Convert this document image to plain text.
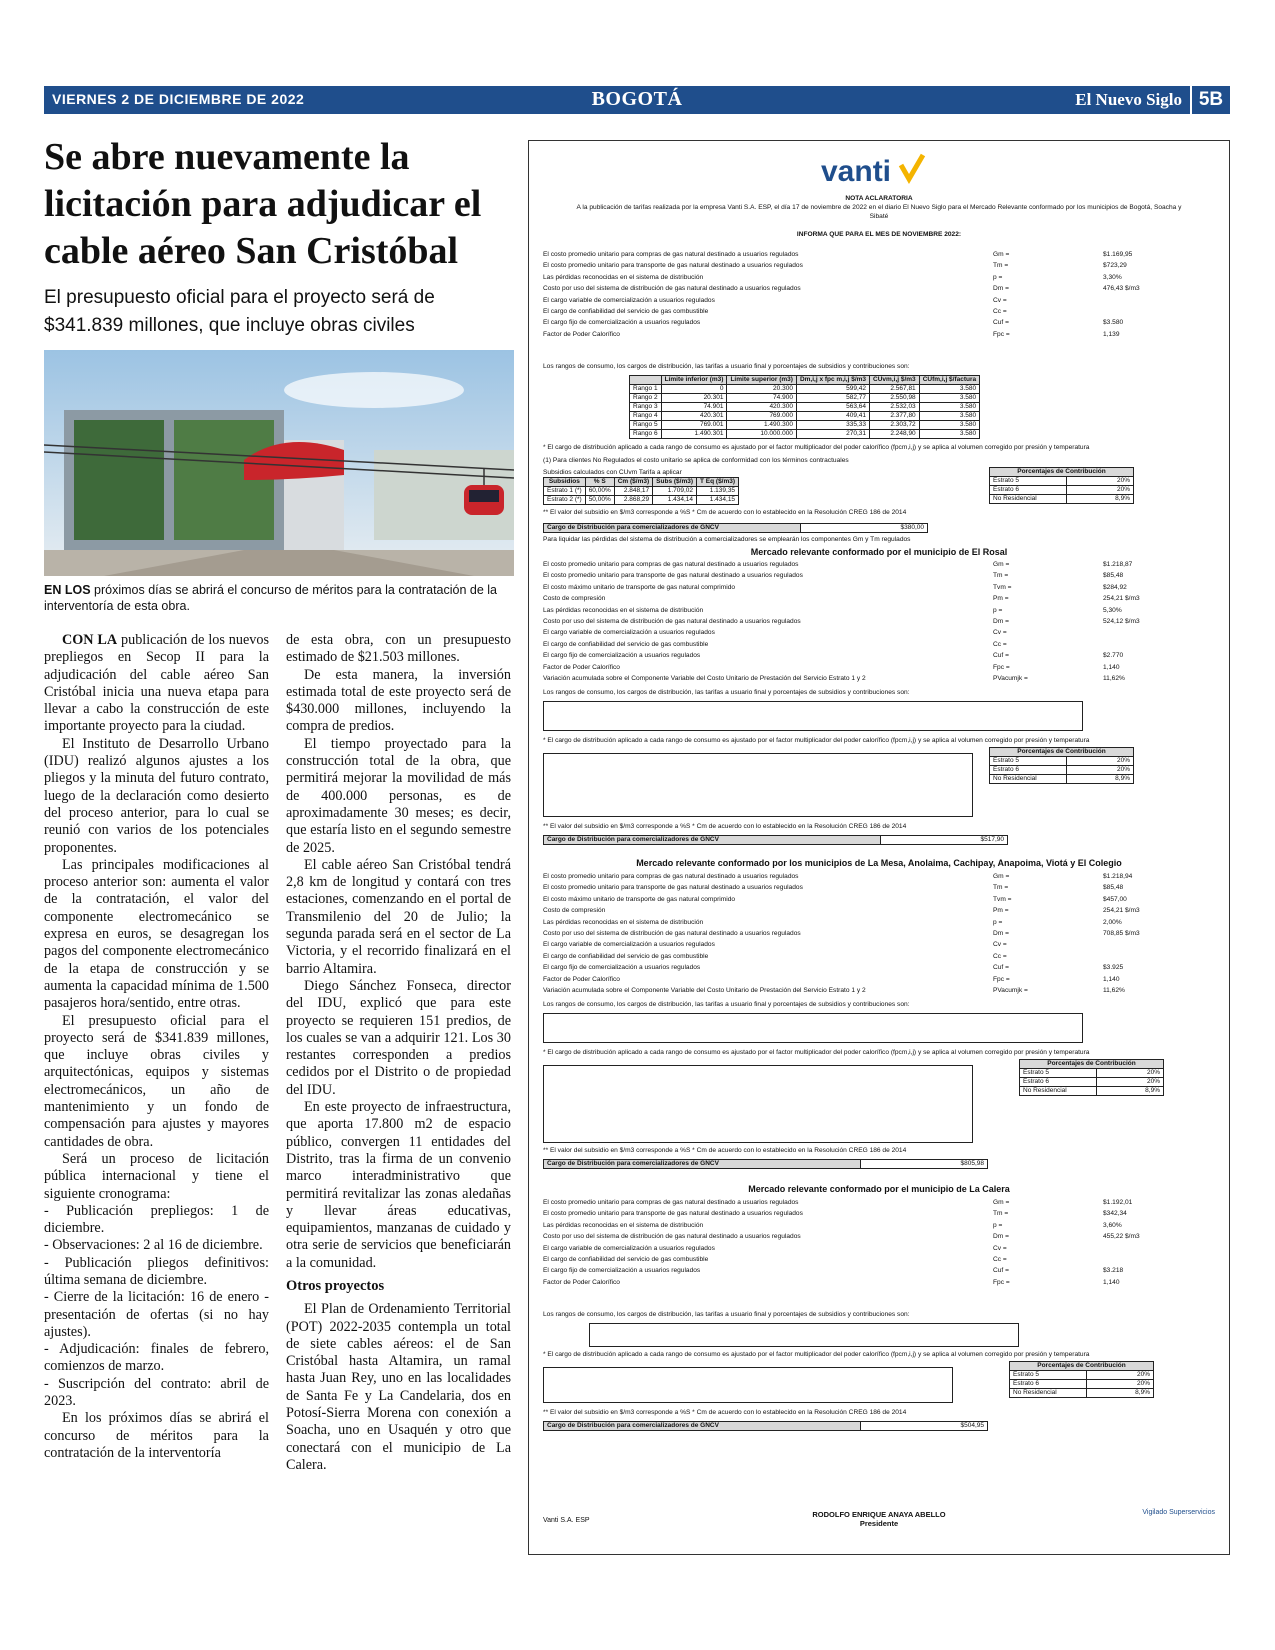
VIERNES 2 DE DICIEMBRE DE 2022	BOGOTÁ	El Nuevo Siglo 5B
Se abre nuevamente la licitación para adjudicar el cable aéreo San Cristóbal
El presupuesto oficial para el proyecto será de $341.839 millones, que incluye obras civiles
EN LOS próximos días se abrirá el concurso de méritos para la contratación de la interventoría de esta obra.

CON LA publicación de los nuevos prepliegos en Secop II para la adjudicación del cable aéreo San Cristóbal inicia una nueva etapa para llevar a cabo la construcción de este importante proyecto para la ciudad.

El Instituto de Desarrollo Urbano (IDU) realizó algunos ajustes a los pliegos y la minuta del futuro contrato, luego de la declaración como desierto del proceso anterior, para lo cual se reunió con varios de los potenciales proponentes.

Las principales modificaciones al proceso anterior son: aumenta el valor de la contratación, el valor del componente electromecánico se expresa en euros, se desagregan los pagos del componente electromecánico de la etapa de construcción y se aumenta la capacidad mínima de 1.500 pasajeros hora/sentido, entre otras.

El presupuesto oficial para el proyecto será de $341.839 millones, que incluye obras civiles y arquitectónicas, equipos y sistemas electromecánicos, un año de mantenimiento y un fondo de compensación para ajustes y mayores cantidades de obra.

Será un proceso de licitación pública internacional y tiene el siguiente cronograma:

- Publicación prepliegos: 1 de diciembre.

- Observaciones: 2 al 16 de diciembre.

- Publicación pliegos definitivos: última semana de diciembre.

- Cierre de la licitación: 16 de enero - presentación de ofertas (si no hay ajustes).

- Adjudicación: finales de febrero, comienzos de marzo.

- Suscripción del contrato: abril de 2023.

En los próximos días se abrirá el concurso de méritos para la contratación de la interventoría

de esta obra, con un presupuesto estimado de $21.503 millones.

De esta manera, la inversión estimada total de este proyecto será de $430.000 millones, incluyendo la compra de predios.

El tiempo proyectado para la construcción total de la obra, que permitirá mejorar la movilidad de más de 400.000 personas, es de aproximadamente 30 meses; es decir, que estaría listo en el segundo semestre de 2025.

El cable aéreo San Cristóbal tendrá 2,8 km de longitud y contará con tres estaciones, comenzando en el portal de Transmilenio del 20 de Julio; la segunda parada será en el sector de La Victoria, y el recorrido finalizará en el barrio Altamira.

Diego Sánchez Fonseca, director del IDU, explicó que para este proyecto se requieren 151 predios, de los cuales se van a adquirir 121. Los 30 restantes corresponden a predios cedidos por el Distrito o de propiedad del IDU.

En este proyecto de infraestructura, que aporta 17.800 m2 de espacio público, convergen 11 entidades del Distrito, tras la firma de un convenio marco interadministrativo que permitirá revitalizar las zonas aledañas y llevar áreas educativas, equipamientos, manzanas de cuidado y otra serie de servicios que beneficiarán a la comunidad.

Otros proyectos

El Plan de Ordenamiento Territorial (POT) 2022-2035 contempla un total de siete cables aéreos: el de San Cristóbal hasta Altamira, un ramal hasta Juan Rey, uno en las localidades de Santa Fe y La Candelaria, dos en Potosí-Sierra Morena con conexión a Soacha, uno en Usaquén y otro que conectará con el municipio de La Calera.

vanti
NOTA ACLARATORIA
A la publicación de tarifas realizada por la empresa Vanti S.A. ESP, el día 17 de noviembre de 2022 en el diario El Nuevo Siglo para el Mercado Relevante conformado por los municipios de Bogotá, Soacha y Sibaté
INFORMA QUE PARA EL MES DE NOVIEMBRE 2022:
El costo promedio unitario para compras de gas natural destinado a usuarios regulados	Gm =	$1.169,95
El costo promedio unitario para transporte de gas natural destinado a usuarios regulados	Tm =	$723,29
Las pérdidas reconocidas en el sistema de distribución	p =	3,30%
Costo por uso del sistema de distribución de gas natural destinado a usuarios regulados	Dm =	476,43 $/m3
El cargo variable de comercialización a usuarios regulados	Cv =
El cargo de confiabilidad del servicio de gas combustible	Cc =
El cargo fijo de comercialización a usuarios regulados	Cuf =	$3.580
Factor de Poder Calorífico	Fpc =	1,139
Los rangos de consumo, los cargos de distribución, las tarifas a usuario final y porcentajes de subsidios y contribuciones son:
	Límite inferior (m3)	Límite superior (m3)	Dm,i,j x fpc m,i,j $/m3	CUvm,i,j $/m3	CUfm,i,j $/factura
Rango 1	0	20.300	599,42	2.567,81	3.580
Rango 2	20.301	74.900	582,77	2.550,98	3.580
Rango 3	74.901	420.300	563,64	2.532,03	3.580
Rango 4	420.301	769.000	409,41	2.377,80	3.580
Rango 5	769.001	1.490.300	335,33	2.303,72	3.580
Rango 6	1.490.301	10.000.000	270,31	2.248,90	3.580
* El cargo de distribución aplicado a cada rango de consumo es ajustado por el factor multiplicador del poder calorífico (fpcm,i,j) y se aplica al volumen corregido por presión y temperatura
(1) Para clientes No Regulados el costo unitario se aplica de conformidad con los términos contractuales
Subsidios calculados con CUvm Tarifa a aplicar
Subsidios	% S	Cm ($/m3)	Subs ($/m3)	T Eq ($/m3)
Estrato 1 (*)	60,00%	2.848,17	1.709,02	1.139,35
Estrato 2 (*)	50,00%	2.868,29	1.434,14	1.434,15
Porcentajes de Contribución	
Estrato 5	20%
Estrato 6	20%
No Residencial	8,9%
** El valor del subsidio en $/m3 corresponde a %S * Cm de acuerdo con lo establecido en la Resolución CREG 186 de 2014
Cargo de Distribución para comercializadores de GNCV	$380,00
Para liquidar las pérdidas del sistema de distribución a comercializadores se emplearán los componentes Gm y Tm regulados
Mercado relevante conformado por el municipio de El Rosal
El costo promedio unitario para compras de gas natural destinado a usuarios regulados	Gm =	$1.218,87
El costo promedio unitario para transporte de gas natural destinado a usuarios regulados	Tm =	$85,48
El costo máximo unitario de transporte de gas natural comprimido	Tvm =	$284,92
Costo de compresión	Pm =	254,21 $/m3
Las pérdidas reconocidas en el sistema de distribución	p =	5,30%
Costo por uso del sistema de distribución de gas natural destinado a usuarios regulados	Dm =	524,12 $/m3
El cargo variable de comercialización a usuarios regulados	Cv =
El cargo de confiabilidad del servicio de gas combustible	Cc =
El cargo fijo de comercialización a usuarios regulados	Cuf =	$2.770
Factor de Poder Calorífico	Fpc =	1,140
Variación acumulada sobre el Componente Variable del Costo Unitario de Prestación del Servicio Estrato 1 y 2	PVacumjk =	11,62%
Los rangos de consumo, los cargos de distribución, las tarifas a usuario final y porcentajes de subsidios y contribuciones son:
* El cargo de distribución aplicado a cada rango de consumo es ajustado por el factor multiplicador del poder calorífico (fpcm,i,j) y se aplica al volumen corregido por presión y temperatura
Porcentajes de Contribución	
Estrato 5	20%
Estrato 6	20%
No Residencial	8,9%
** El valor del subsidio en $/m3 corresponde a %S * Cm de acuerdo con lo establecido en la Resolución CREG 186 de 2014
Cargo de Distribución para comercializadores de GNCV	$517,90
Mercado relevante conformado por los municipios de La Mesa, Anolaima, Cachipay, Anapoima, Viotá y El Colegio
El costo promedio unitario para compras de gas natural destinado a usuarios regulados	Gm =	$1.218,94
El costo promedio unitario para transporte de gas natural destinado a usuarios regulados	Tm =	$85,48
El costo máximo unitario de transporte de gas natural comprimido	Tvm =	$457,00
Costo de compresión	Pm =	254,21 $/m3
Las pérdidas reconocidas en el sistema de distribución	p =	2,00%
Costo por uso del sistema de distribución de gas natural destinado a usuarios regulados	Dm =	708,85 $/m3
El cargo variable de comercialización a usuarios regulados	Cv =
El cargo de confiabilidad del servicio de gas combustible	Cc =
El cargo fijo de comercialización a usuarios regulados	Cuf =	$3.925
Factor de Poder Calorífico	Fpc =	1,140
Variación acumulada sobre el Componente Variable del Costo Unitario de Prestación del Servicio Estrato 1 y 2	PVacumjk =	11,62%
Los rangos de consumo, los cargos de distribución, las tarifas a usuario final y porcentajes de subsidios y contribuciones son:
* El cargo de distribución aplicado a cada rango de consumo es ajustado por el factor multiplicador del poder calorífico (fpcm,i,j) y se aplica al volumen corregido por presión y temperatura
Porcentajes de Contribución	
Estrato 5	20%
Estrato 6	20%
No Residencial	8,9%
** El valor del subsidio en $/m3 corresponde a %S * Cm de acuerdo con lo establecido en la Resolución CREG 186 de 2014
Cargo de Distribución para comercializadores de GNCV	$805,98
Mercado relevante conformado por el municipio de La Calera
El costo promedio unitario para compras de gas natural destinado a usuarios regulados	Gm =	$1.192,01
El costo promedio unitario para transporte de gas natural destinado a usuarios regulados	Tm =	$342,34
Las pérdidas reconocidas en el sistema de distribución	p =	3,60%
Costo por uso del sistema de distribución de gas natural destinado a usuarios regulados	Dm =	455,22 $/m3
El cargo variable de comercialización a usuarios regulados	Cv =
El cargo de confiabilidad del servicio de gas combustible	Cc =
El cargo fijo de comercialización a usuarios regulados	Cuf =	$3.218
Factor de Poder Calorífico	Fpc =	1,140
Los rangos de consumo, los cargos de distribución, las tarifas a usuario final y porcentajes de subsidios y contribuciones son:
* El cargo de distribución aplicado a cada rango de consumo es ajustado por el factor multiplicador del poder calorífico (fpcm,i,j) y se aplica al volumen corregido por presión y temperatura
Porcentajes de Contribución	
Estrato 5	20%
Estrato 6	20%
No Residencial	8,9%
** El valor del subsidio en $/m3 corresponde a %S * Cm de acuerdo con lo establecido en la Resolución CREG 186 de 2014
Cargo de Distribución para comercializadores de GNCV	$504,95
Vanti S.A. ESP
RODOLFO ENRIQUE ANAYA ABELLO
Presidente
Vigilado Superservicios
